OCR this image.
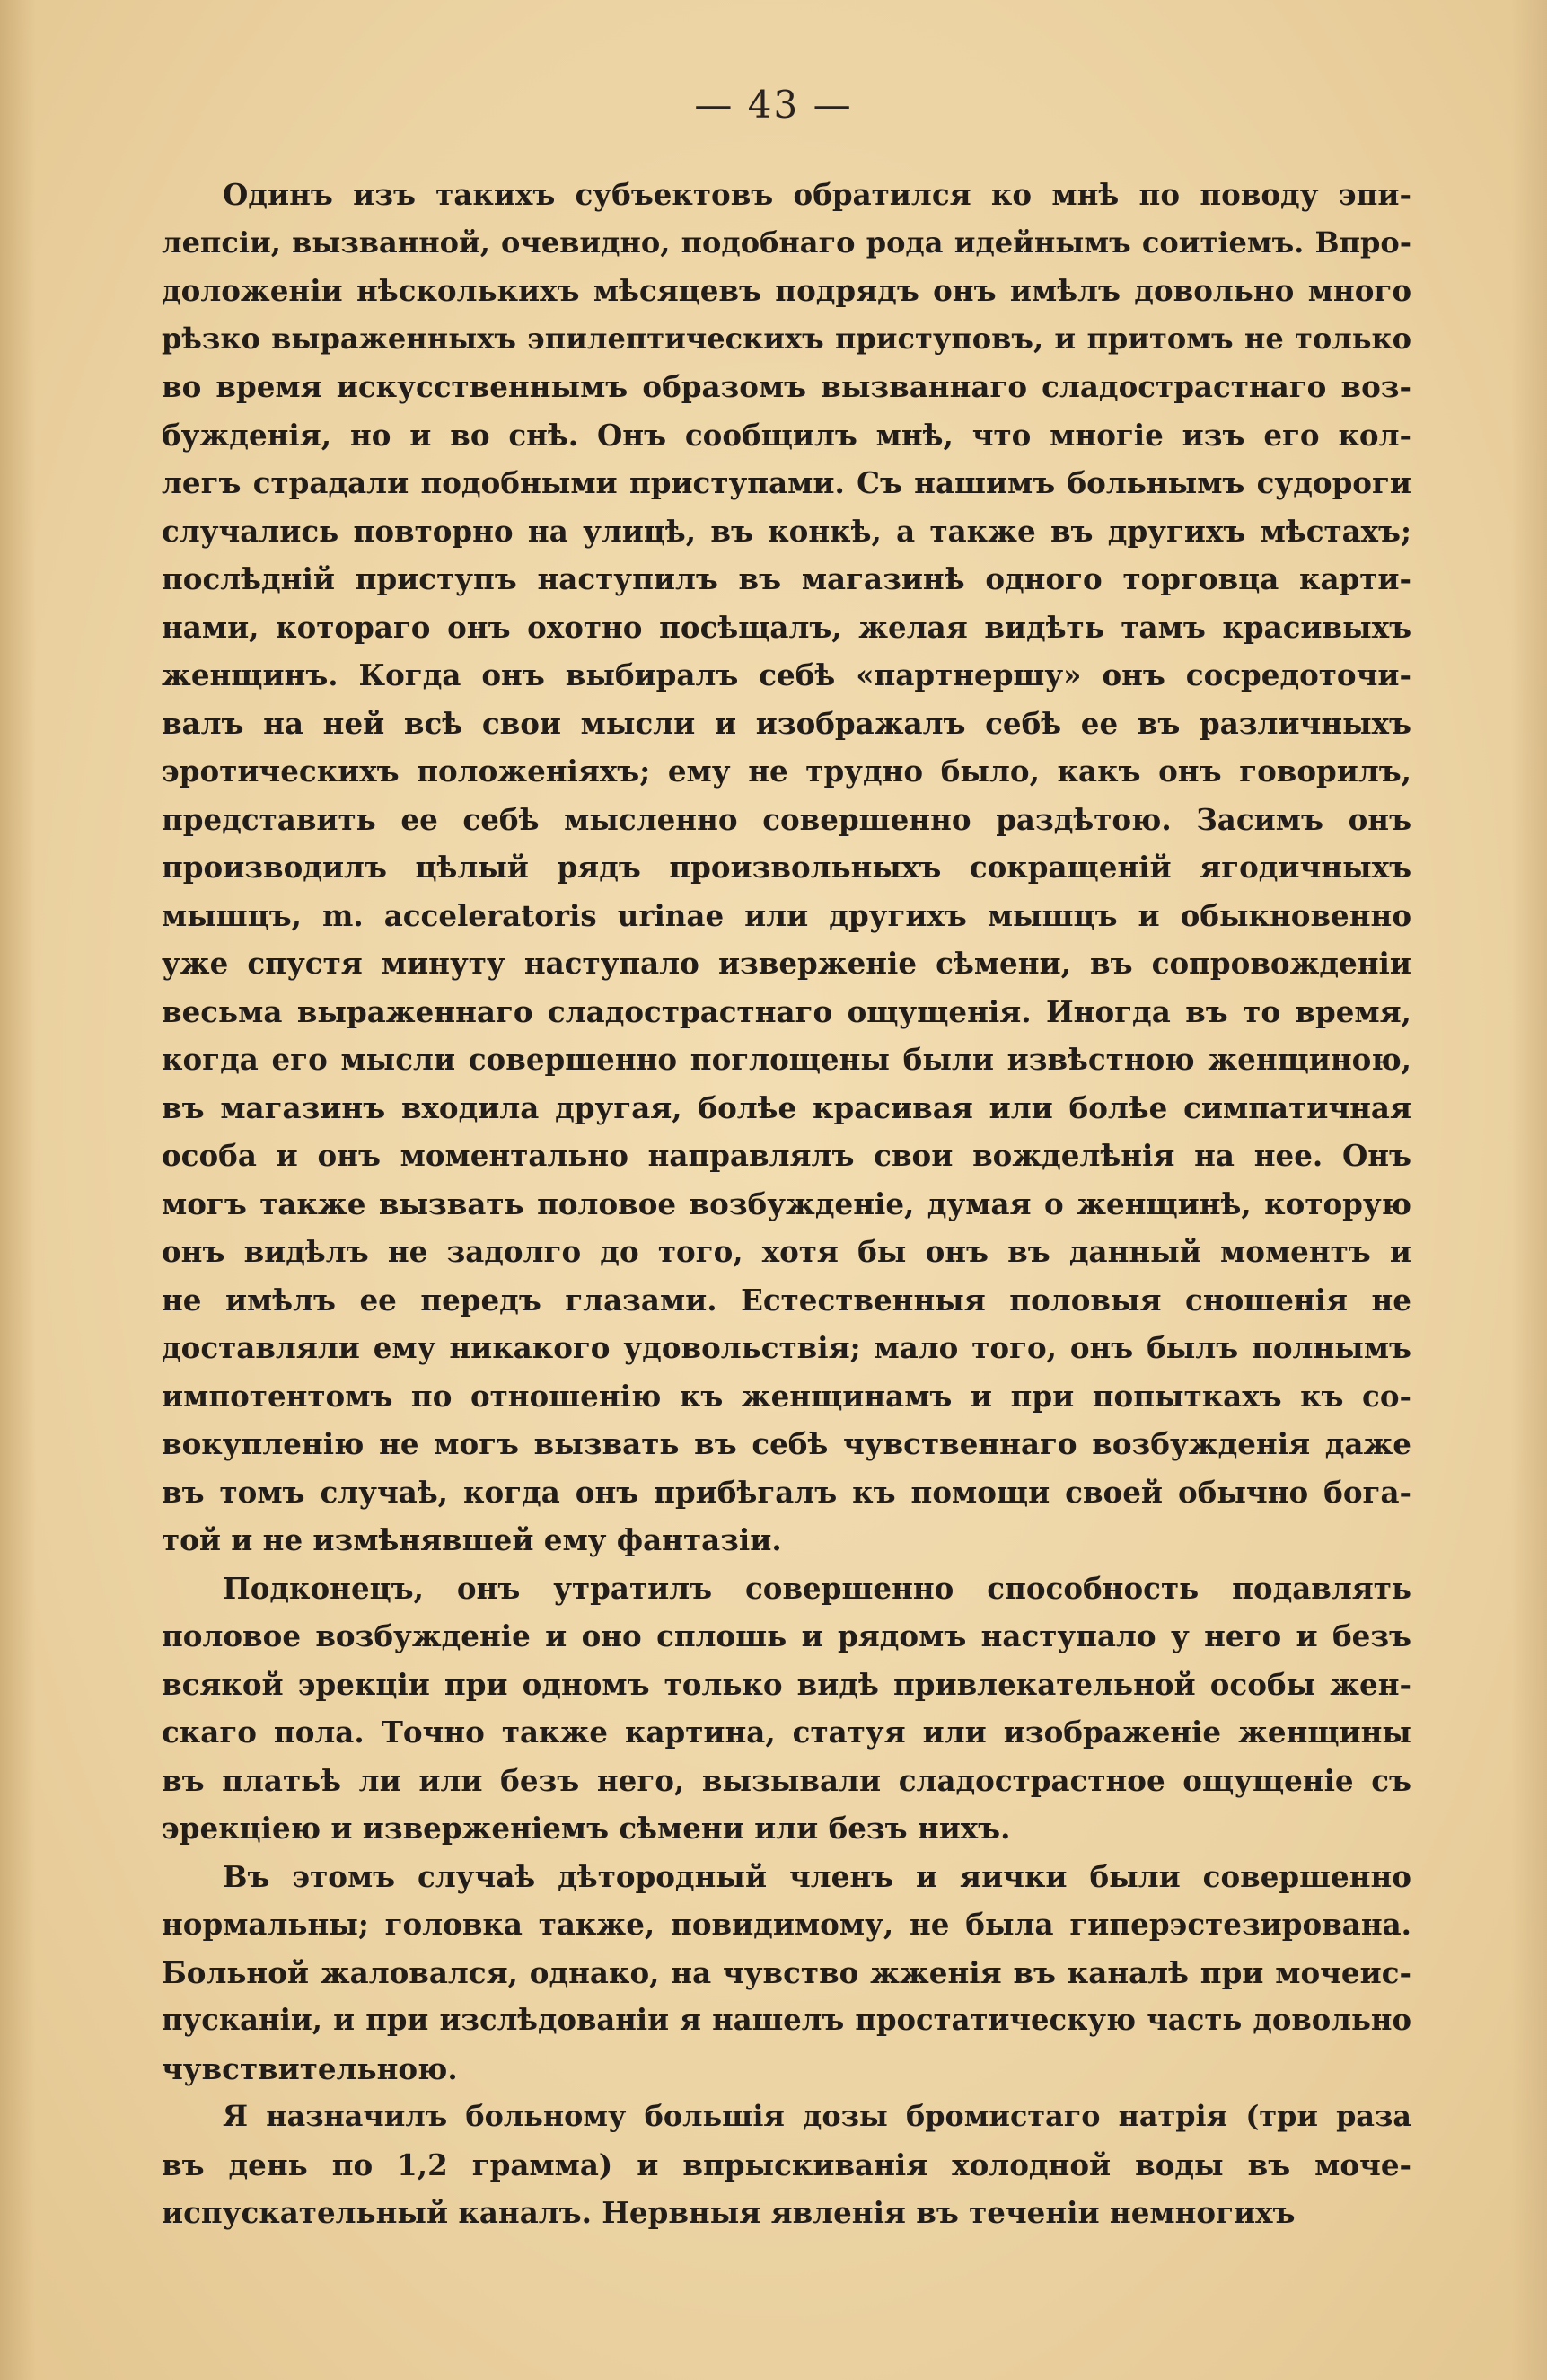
— 43 —
Одинъ изъ такихъ субъектовъ обратился ко мнѣ по поводу эпи-
лепсіи, вызванной, очевидно, подобнаго рода идейнымъ соитіемъ. Впро-
доложеніи нѣсколькихъ мѣсяцевъ подрядъ онъ имѣлъ довольно много
рѣзко выраженныхъ эпилептическихъ приступовъ, и притомъ не только
во время искусственнымъ образомъ вызваннаго сладострастнаго воз-
бужденія, но и во снѣ. Онъ сообщилъ мнѣ, что многіе изъ его кол-
легъ страдали подобными приступами. Съ нашимъ больнымъ судороги
случались повторно на улицѣ, въ конкѣ, а также въ другихъ мѣстахъ;
послѣдній приступъ наступилъ въ магазинѣ одного торговца карти-
нами, котораго онъ охотно посѣщалъ, желая видѣть тамъ красивыхъ
женщинъ. Когда онъ выбиралъ себѣ «партнершу» онъ сосредоточи-
валъ на ней всѣ свои мысли и изображалъ себѣ ее въ различныхъ
эротическихъ положеніяхъ; ему не трудно было, какъ онъ говорилъ,
представить ее себѣ мысленно совершенно раздѣтою. Засимъ онъ
производилъ цѣлый рядъ произвольныхъ сокращеній ягодичныхъ
мышцъ, m. acceleratoris urinae или другихъ мышцъ и обыкновенно
уже спустя минуту наступало изверженіе сѣмени, въ сопровожденіи
весьма выраженнаго сладострастнаго ощущенія. Иногда въ то время,
когда его мысли совершенно поглощены были извѣстною женщиною,
въ магазинъ входила другая, болѣе красивая или болѣе симпатичная
особа и онъ моментально направлялъ свои вожделѣнія на нее. Онъ
могъ также вызвать половое возбужденіе, думая о женщинѣ, которую
онъ видѣлъ не задолго до того, хотя бы онъ въ данный моментъ и
не имѣлъ ее передъ глазами. Естественныя половыя сношенія не
доставляли ему никакого удовольствія; мало того, онъ былъ полнымъ
импотентомъ по отношенію къ женщинамъ и при попыткахъ къ со-
вокупленію не могъ вызвать въ себѣ чувственнаго возбужденія даже
въ томъ случаѣ, когда онъ прибѣгалъ къ помощи своей обычно бога-
той и не измѣнявшей ему фантазіи.
Подконецъ, онъ утратилъ совершенно способность подавлять
половое возбужденіе и оно сплошь и рядомъ наступало у него и безъ
всякой эрекціи при одномъ только видѣ привлекательной особы жен-
скаго пола. Точно также картина, статуя или изображеніе женщины
въ платьѣ ли или безъ него, вызывали сладострастное ощущеніе съ
эрекціею и изверженіемъ сѣмени или безъ нихъ.
Въ этомъ случаѣ дѣтородный членъ и яички были совершенно
нормальны; головка также, повидимому, не была гиперэстезирована.
Больной жаловался, однако, на чувство жженія въ каналѣ при мочеис-
пусканіи, и при изслѣдованіи я нашелъ простатическую часть довольно
чувствительною.
Я назначилъ больному большія дозы бромистаго натрія (три раза
въ день по 1,2 грамма) и впрыскиванія холодной воды въ моче-
испускательный каналъ. Нервныя явленія въ теченіи немногихъ
